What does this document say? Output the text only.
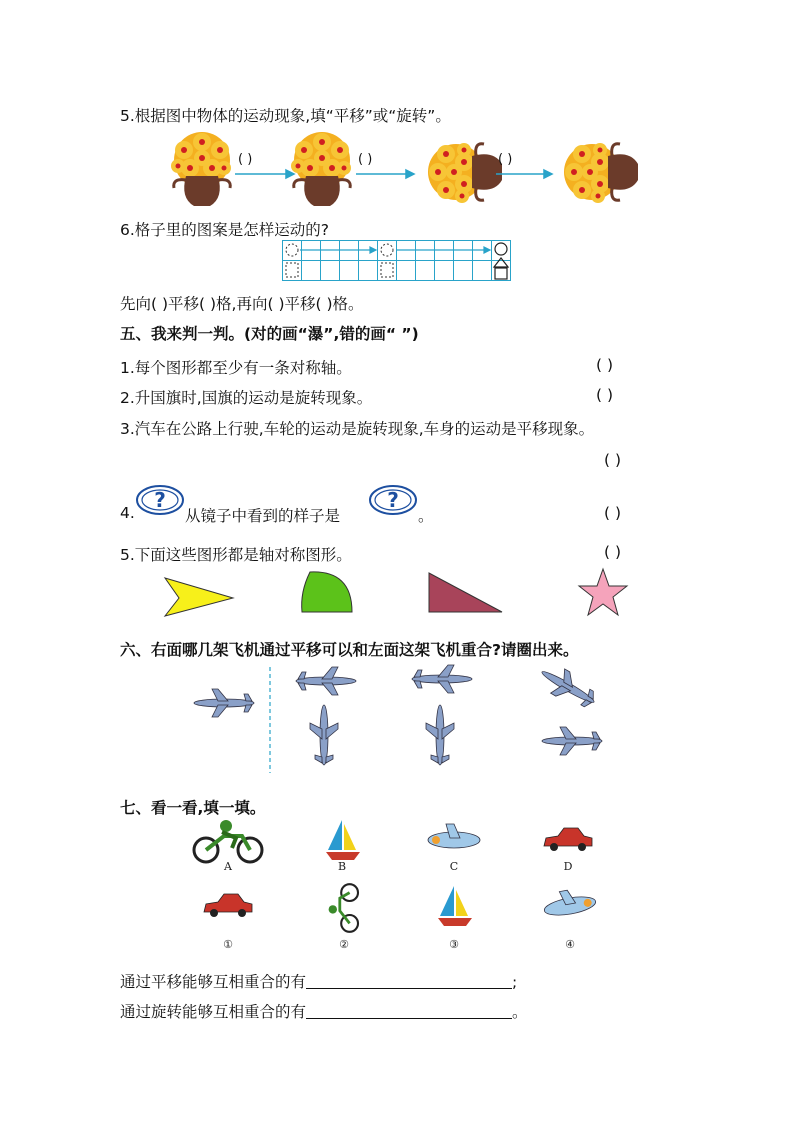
5.根据图中物体的运动现象,填“平移”或“旋转”。
( )	( )	( )
6.格子里的图案是怎样运动的?
先向( )平移( )格,再向( )平移( )格。
五、我来判一判。(对的画“瀑”,错的画“ ”)
1.每个图形都至少有一条对称轴。	( )
2.升国旗时,国旗的运动是旋转现象。	( )
3.汽车在公路上行驶,车轮的运动是旋转现象,车身的运动是平移现象。
( )
4.
?
从镜子中看到的样子是
?
。	( )
5.下面这些图形都是轴对称图形。	( )
六、右面哪几架飞机通过平移可以和左面这架飞机重合?请圈出来。
七、看一看,填一填。
A	B	C	D
①	②	③	④
通过平移能够互相重合的有	;
通过旋转能够互相重合的有	。
